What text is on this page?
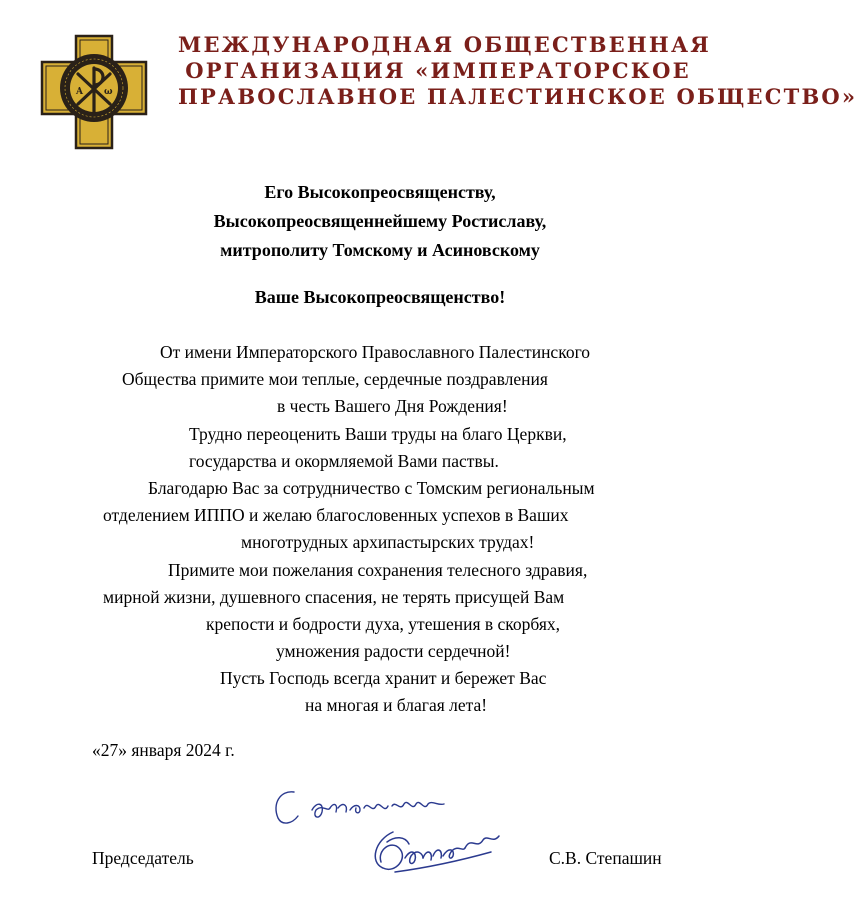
A ω
МЕЖДУНАРОДНАЯ ОБЩЕСТВЕННАЯ
ОРГАНИЗАЦИЯ «ИМПЕРАТОРСКОЕ
ПРАВОСЛАВНОЕ ПАЛЕСТИНСКОЕ ОБЩЕСТВО»
Его Высокопреосвященству,
Высокопреосвященнейшему Ростиславу,
митрополиту Томскому и Асиновскому
Ваше Высокопреосвященство!
От имени Императорского Православного Палестинского
Общества примите мои теплые, сердечные поздравления
в честь Вашего Дня Рождения!
Трудно переоценить Ваши труды на благо Церкви,
государства и окормляемой Вами паствы.
Благодарю Вас за сотрудничество с Томским региональным
отделением ИППО и желаю благословенных успехов в Ваших
многотрудных архипастырских трудах!
Примите мои пожелания сохранения телесного здравия,
мирной жизни, душевного спасения, не терять присущей Вам
крепости и бодрости духа, утешения в скорбях,
умножения радости сердечной!
Пусть Господь всегда хранит и бережет Вас
на многая и благая лета!
«27» января 2024 г.
Председатель	С.В. Степашин
